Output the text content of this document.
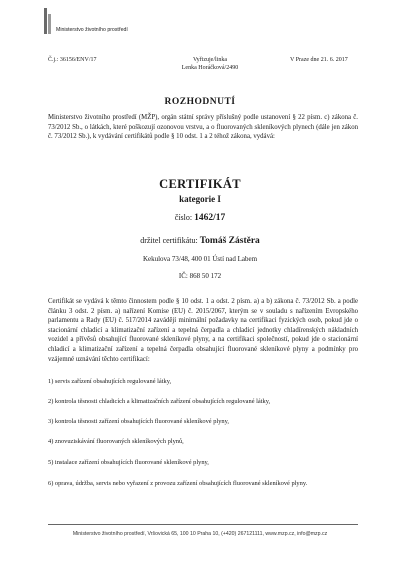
Ministerstvo životního prostředí
Č.j.: 36156/ENV/17	Vyřizuje/linka
Lenka Horáčková/2490
V Praze dne 21. 6. 2017
ROZHODNUTÍ
Ministerstvo životního prostředí (MŽP), orgán státní správy příslušný podle ustanovení § 22 písm. c) zákona č. 73/2012 Sb., o látkách, které poškozují ozonovou vrstvu, a o fluorovaných skleníkových plynech (dále jen zákon č. 73/2012 Sb.), k vydávání certifikátů podle § 10 odst. 1 a 2 téhož zákona, vydává:
CERTIFIKÁT
kategorie I
číslo: 1462/17
držitel certifikátu: Tomáš Zástěra
Kekulova 73/48, 400 01 Ústí nad Labem
IČ: 868 50 172
Certifikát se vydává k těmto činnostem podle § 10 odst. 1 a odst. 2 písm. a) a b) zákona č. 73/2012 Sb. a podle článku 3 odst. 2 písm. a) nařízení Komise (EU) č. 2015/2067, kterým se v souladu s nařízením Evropského parlamentu a Rady (EU) č. 517/2014 zavádějí minimální požadavky na certifikaci fyzických osob, pokud jde o stacionární chladicí a klimatizační zařízení a tepelná čerpadla a chladicí jednotky chladírenských nákladních vozidel a přívěsů obsahující fluorované skleníkové plyny, a na certifikaci společností, pokud jde o stacionární chladicí a klimatizační zařízení a tepelná čerpadla obsahující fluorované skleníkové plyny a podmínky pro vzájemné uznávání těchto certifikací:
1) servis zařízení obsahujících regulované látky,
2) kontrola těsnosti chladicích a klimatizačních zařízení obsahujících regulované látky,
3) kontrola těsnosti zařízení obsahujících fluorované skleníkové plyny,
4) znovuziskávání fluorovaných skleníkových plynů,
5) instalace zařízení obsahujících fluorované skleníkové plyny,
6) oprava, údržba, servis nebo vyřazení z provozu zařízení obsahujících fluorované skleníkové plyny.
Ministerstvo životního prostředí, Vršovická 65, 100 10 Praha 10, (+420) 267121111, www.mzp.cz, info@mzp.cz
